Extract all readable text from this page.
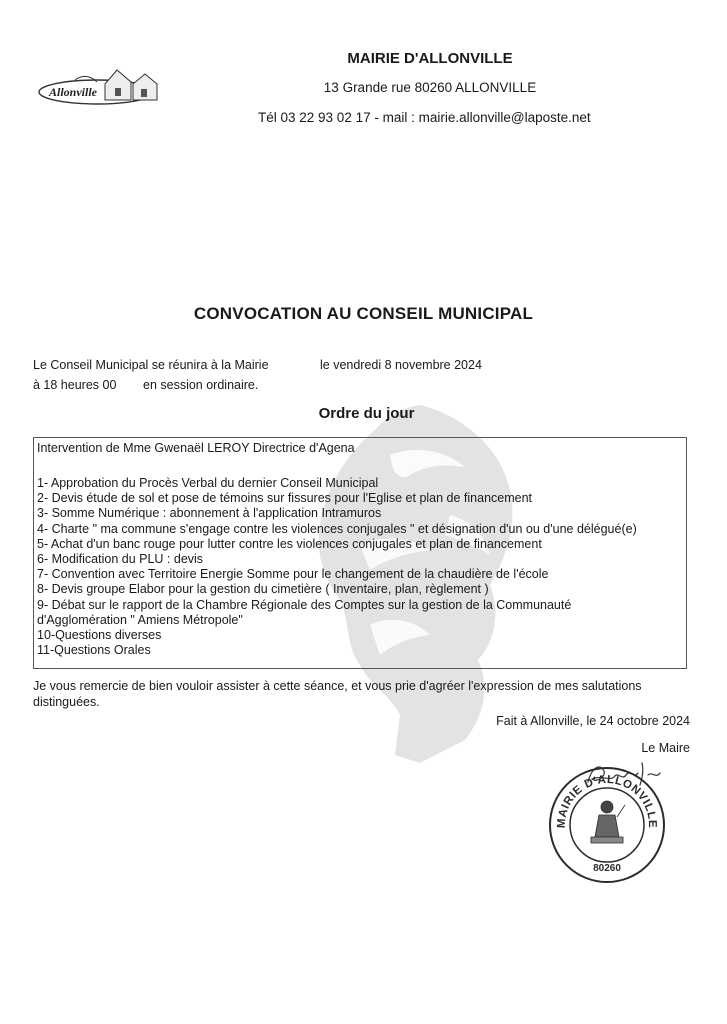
Allonville
MAIRIE D'ALLONVILLE
13 Grande rue 80260 ALLONVILLE
Tél 03 22 93 02 17 - mail : mairie.allonville@laposte.net
CONVOCATION AU CONSEIL MUNICIPAL
Le Conseil Municipal se réunira à la Mairie	le vendredi 8 novembre 2024
à 18 heures 00 en session ordinaire.
Ordre du jour
Intervention de Mme Gwenaël LEROY Directrice d'Agena
1- Approbation du Procès Verbal du dernier Conseil Municipal
2- Devis étude de sol et pose de témoins sur fissures pour l'Eglise et plan de financement
3- Somme Numérique : abonnement à l'application Intramuros
4- Charte " ma commune s'engage contre les violences conjugales " et désignation d'un ou d'une délégué(e)
5- Achat d'un banc rouge pour lutter contre les violences conjugales et plan de financement
6- Modification du PLU : devis
7- Convention avec Territoire Energie Somme pour le changement de la chaudière de l'école
8- Devis groupe Elabor pour la gestion du cimetière ( Inventaire, plan, règlement )
9- Débat sur le rapport de la Chambre Régionale des Comptes sur la gestion de la Communauté
d'Agglomération " Amiens Métropole"
10-Questions diverses
11-Questions Orales
Je vous remercie de bien vouloir assister à cette séance, et vous prie d'agréer l'expression de mes salutations distinguées.
Fait à Allonville, le 24 octobre 2024
Le Maire
MAIRIE D'ALLONVILLE
80260
